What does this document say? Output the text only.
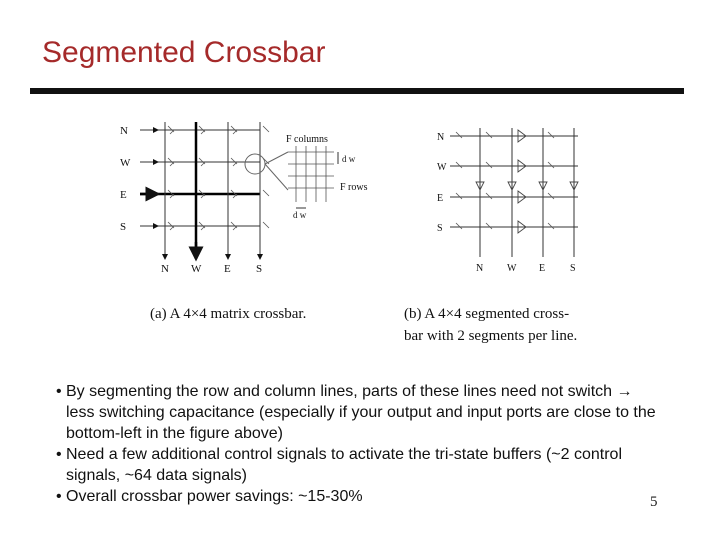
Segmented Crossbar
N
W
E
S
N W E S
F columns
F rows
d w
d w
(a) A 4×4 matrix crossbar.
N
W
E
S
N W E S
(b) A 4×4 segmented cross-
bar with 2 segments per line.
• By segmenting the row and column lines, parts of these lines need not switch → less switching capacitance (especially if your output and input ports are close to the bottom-left in the figure above)
• Need a few additional control signals to activate the tri-state buffers (~2 control signals, ~64 data signals)
• Overall crossbar power savings: ~15-30%	5
